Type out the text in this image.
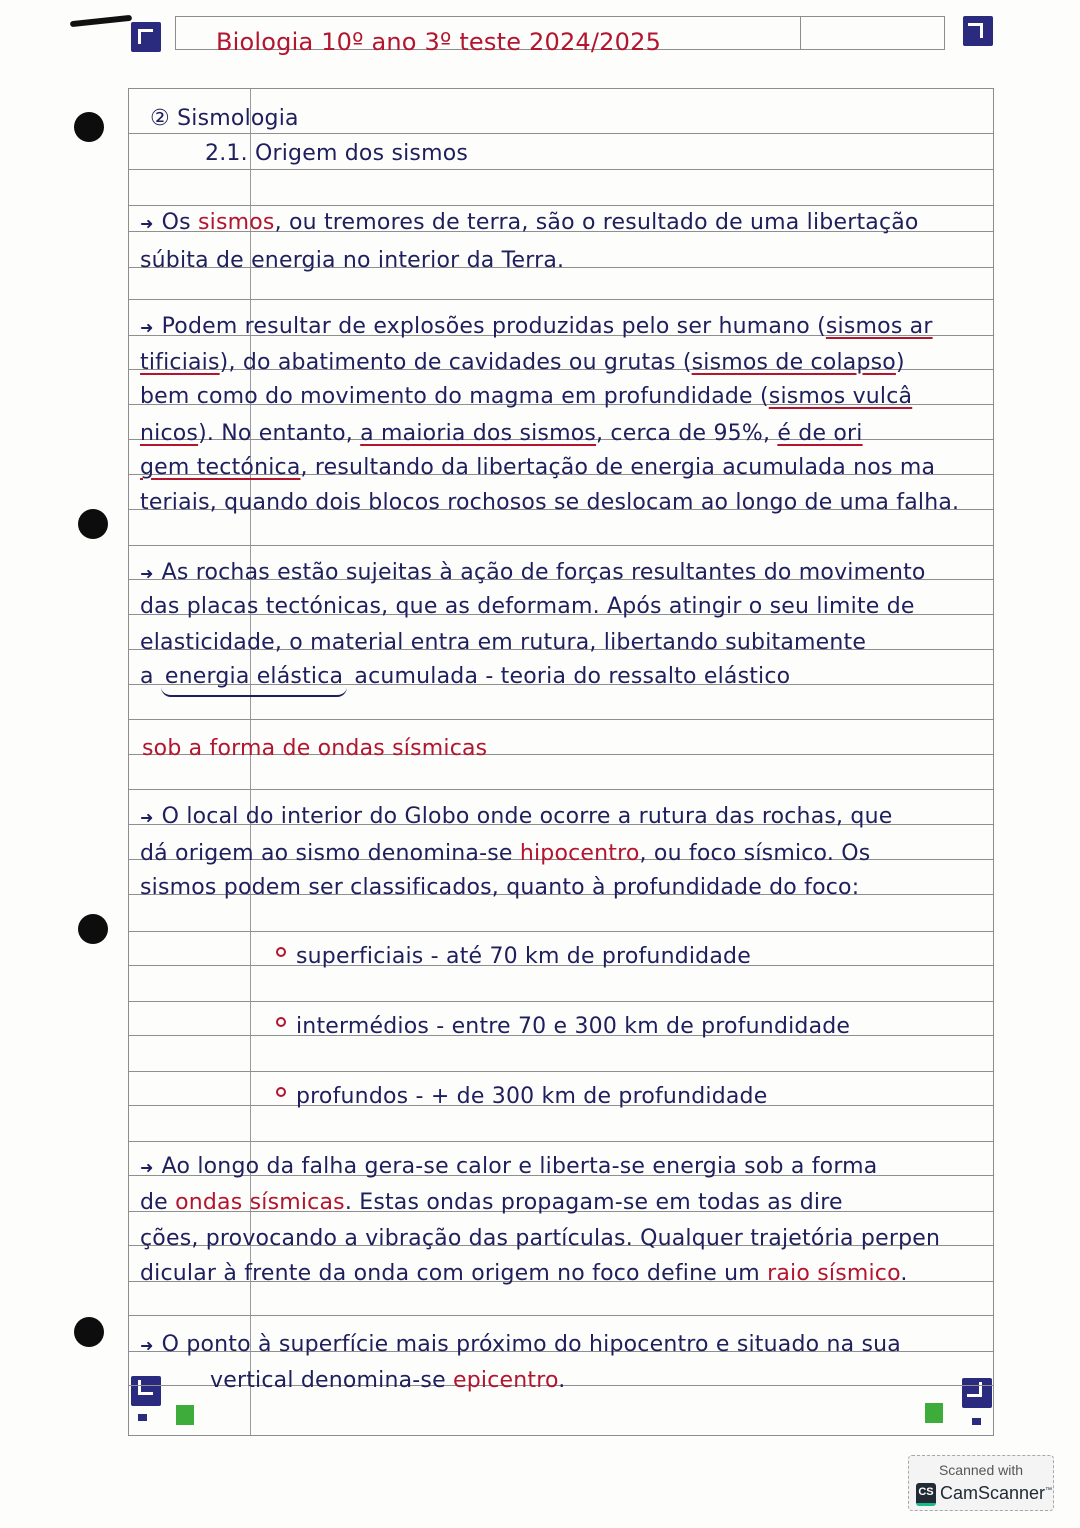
Biologia 10º ano 3º teste 2024/2025
② Sismologia
2.1. Origem dos sismos
➜ Os sismos, ou tremores de terra, são o resultado de uma libertação
súbita de energia no interior da Terra.
➜ Podem resultar de explosões produzidas pelo ser humano (sismos ar
tificiais), do abatimento de cavidades ou grutas (sismos de colapso)
bem como do movimento do magma em profundidade (sismos vulcâ
nicos). No entanto, a maioria dos sismos, cerca de 95%, é de ori
gem tectónica, resultando da libertação de energia acumulada nos ma
teriais, quando dois blocos rochosos se deslocam ao longo de uma falha.
➜ As rochas estão sujeitas à ação de forças resultantes do movimento
das placas tectónicas, que as deformam. Após atingir o seu limite de
elasticidade, o material entra em rutura, libertando subitamente
a energia elástica acumulada - teoria do ressalto elástico
sob a forma de ondas sísmicas
➜ O local do interior do Globo onde ocorre a rutura das rochas, que
dá origem ao sismo denomina-se hipocentro, ou foco sísmico. Os
sismos podem ser classificados, quanto à profundidade do foco:
superficiais - até 70 km de profundidade
intermédios - entre 70 e 300 km de profundidade
profundos - + de 300 km de profundidade
➜ Ao longo da falha gera-se calor e liberta-se energia sob a forma
de ondas sísmicas. Estas ondas propagam-se em todas as dire
ções, provocando a vibração das partículas. Qualquer trajetória perpen
dicular à frente da onda com origem no foco define um raio sísmico.
➜ O ponto à superfície mais próximo do hipocentro e situado na sua
vertical denomina-se epicentro.
Scanned with
CS CamScanner™
